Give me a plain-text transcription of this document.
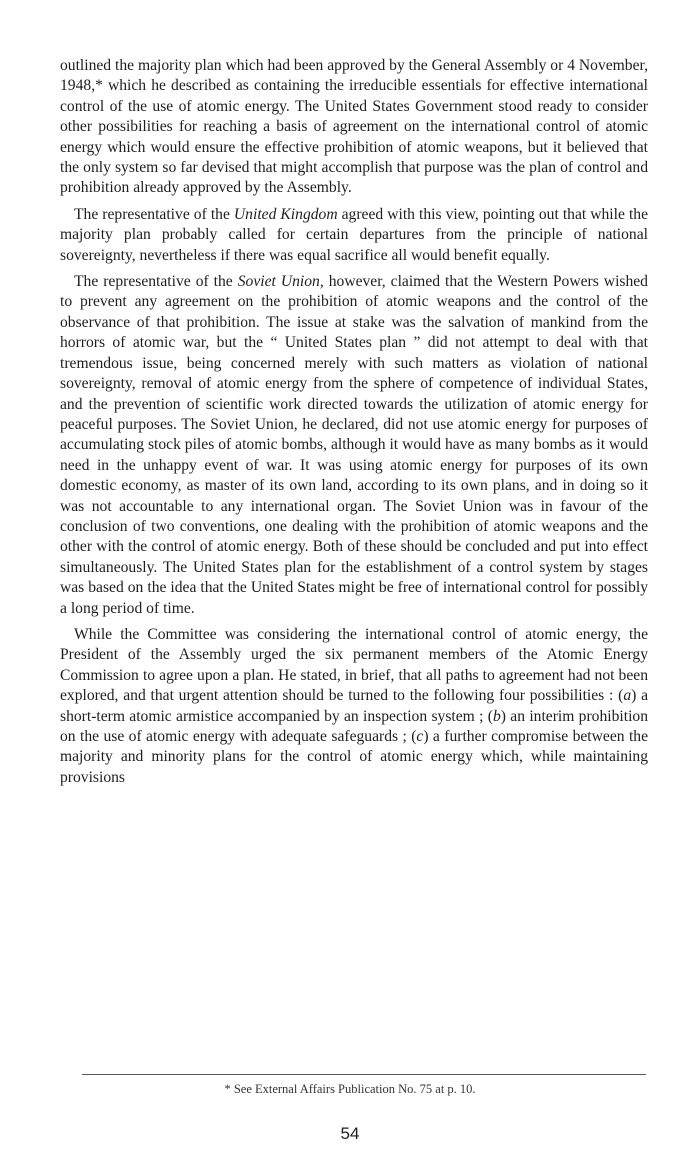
outlined the majority plan which had been approved by the General Assembly or 4 November, 1948,* which he described as containing the irreducible essentials for effective international control of the use of atomic energy. The United States Government stood ready to consider other possibilities for reaching a basis of agreement on the international control of atomic energy which would ensure the effective prohibition of atomic weapons, but it believed that the only system so far devised that might accomplish that purpose was the plan of control and prohibition already approved by the Assembly.

The representative of the United Kingdom agreed with this view, pointing out that while the majority plan probably called for certain departures from the principle of national sovereignty, nevertheless if there was equal sacrifice all would benefit equally.

The representative of the Soviet Union, however, claimed that the Western Powers wished to prevent any agreement on the prohibition of atomic weapons and the control of the observance of that prohibition. The issue at stake was the salvation of mankind from the horrors of atomic war, but the “ United States plan ” did not attempt to deal with that tremendous issue, being concerned merely with such matters as violation of national sovereignty, removal of atomic energy from the sphere of competence of individual States, and the prevention of scientific work directed towards the utilization of atomic energy for peaceful purposes. The Soviet Union, he declared, did not use atomic energy for purposes of accumulating stock piles of atomic bombs, although it would have as many bombs as it would need in the unhappy event of war. It was using atomic energy for purposes of its own domestic economy, as master of its own land, according to its own plans, and in doing so it was not accountable to any international organ. The Soviet Union was in favour of the conclusion of two conventions, one dealing with the prohibition of atomic weapons and the other with the control of atomic energy. Both of these should be concluded and put into effect simultaneously. The United States plan for the establishment of a control system by stages was based on the idea that the United States might be free of international control for possibly a long period of time.

While the Committee was considering the international control of atomic energy, the President of the Assembly urged the six permanent members of the Atomic Energy Commission to agree upon a plan. He stated, in brief, that all paths to agreement had not been explored, and that urgent attention should be turned to the following four possibilities : (a) a short-term atomic armistice accompanied by an inspection system ; (b) an interim prohibition on the use of atomic energy with adequate safeguards ; (c) a further compromise between the majority and minority plans for the control of atomic energy which, while maintaining provisions

* See External Affairs Publication No. 75 at p. 10.
54
